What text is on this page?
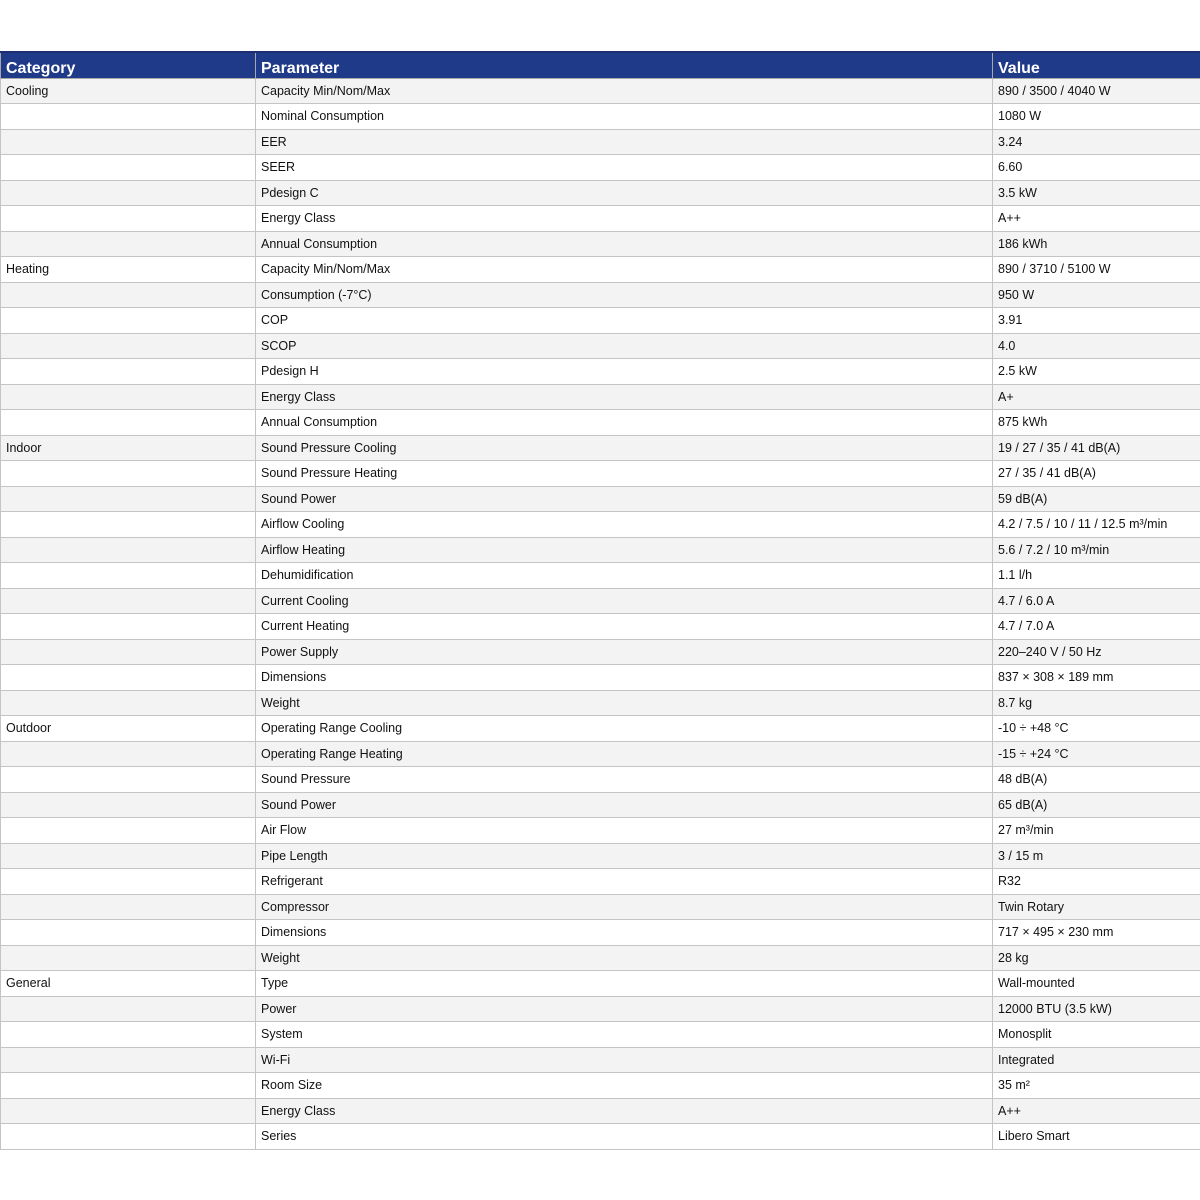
Category	Parameter	Value
Cooling	Capacity Min/Nom/Max	890 / 3500 / 4040 W
	Nominal Consumption	1080 W
	EER	3.24
	SEER	6.60
	Pdesign C	3.5 kW
	Energy Class	A++
	Annual Consumption	186 kWh
Heating	Capacity Min/Nom/Max	890 / 3710 / 5100 W
	Consumption (-7°C)	950 W
	COP	3.91
	SCOP	4.0
	Pdesign H	2.5 kW
	Energy Class	A+
	Annual Consumption	875 kWh
Indoor	Sound Pressure Cooling	19 / 27 / 35 / 41 dB(A)
	Sound Pressure Heating	27 / 35 / 41 dB(A)
	Sound Power	59 dB(A)
	Airflow Cooling	4.2 / 7.5 / 10 / 11 / 12.5 m³/min
	Airflow Heating	5.6 / 7.2 / 10 m³/min
	Dehumidification	1.1 l/h
	Current Cooling	4.7 / 6.0 A
	Current Heating	4.7 / 7.0 A
	Power Supply	220–240 V / 50 Hz
	Dimensions	837 × 308 × 189 mm
	Weight	8.7 kg
Outdoor	Operating Range Cooling	-10 ÷ +48 °C
	Operating Range Heating	-15 ÷ +24 °C
	Sound Pressure	48 dB(A)
	Sound Power	65 dB(A)
	Air Flow	27 m³/min
	Pipe Length	3 / 15 m
	Refrigerant	R32
	Compressor	Twin Rotary
	Dimensions	717 × 495 × 230 mm
	Weight	28 kg
General	Type	Wall-mounted
	Power	12000 BTU (3.5 kW)
	System	Monosplit
	Wi-Fi	Integrated
	Room Size	35 m²
	Energy Class	A++
	Series	Libero Smart
